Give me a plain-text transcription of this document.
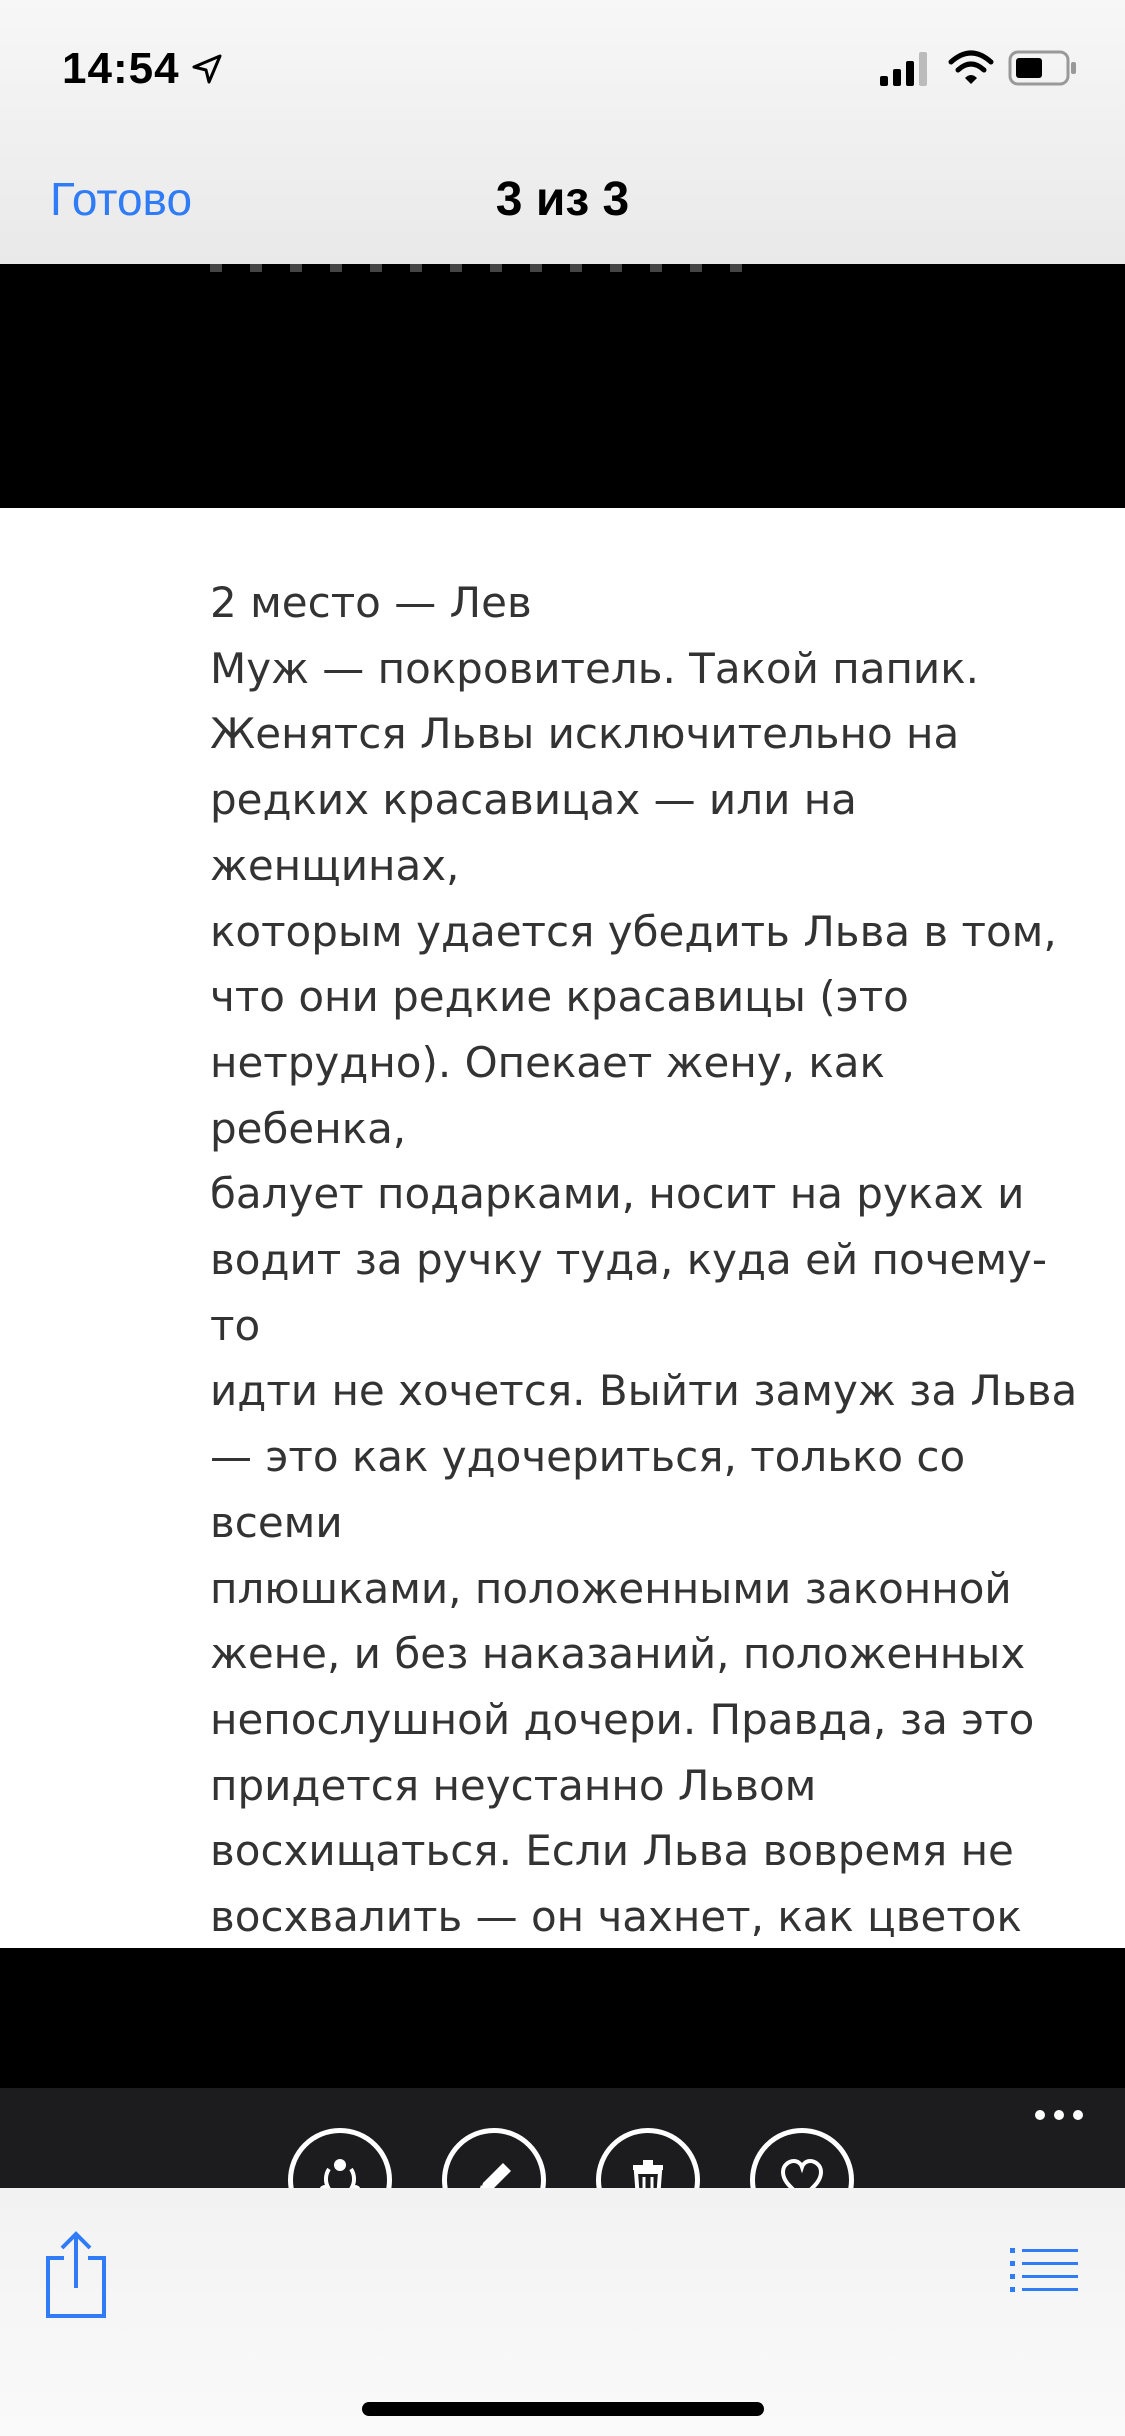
14:54
Готово	3 из 3

2 место — Лев
Муж — покровитель. Такой папик.
Женятся Львы исключительно на
редких красавицах — или на женщинах,
которым удается убедить Льва в том,
что они редкие красавицы (это
нетрудно). Опекает жену, как ребенка,
балует подарками, носит на руках и
водит за ручку туда, куда ей почему-то
идти не хочется. Выйти замуж за Льва
— это как удочериться, только со всеми
плюшками, положенными законной
жене, и без наказаний, положенных
непослушной дочери. Правда, за это
придется неустанно Львом
восхищаться. Если Льва вовремя не
восхвалить — он чахнет, как цветок
